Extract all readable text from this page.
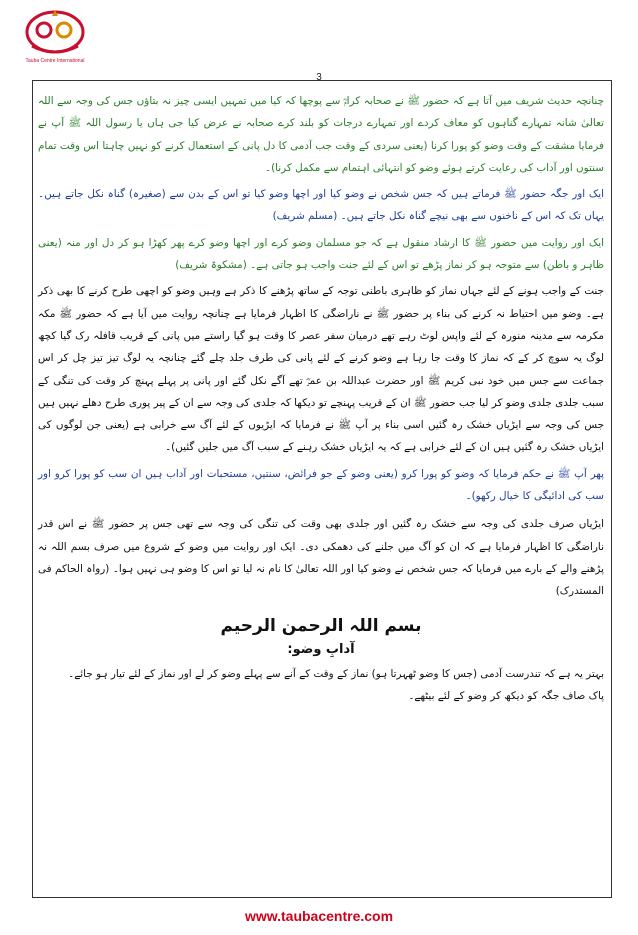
Tauba Centre International
3

چنانچہ حدیث شریف میں آتا ہے کہ حضور ﷺ نے صحابہ کرامؓ سے پوچھا کہ کیا میں تمہیں ایسی چیز نہ بتاؤں جس کی وجہ سے اللہ تعالیٰ شانہ تمہارے گناہوں کو معاف کردے اور تمہارے درجات کو بلند کرے صحابہ نے عرض کیا جی ہاں یا رسول اللہ ﷺ آپ نے فرمایا مشقت کے وقت وضو کو پورا کرنا (یعنی سردی کے وقت جب آدمی کا دل پانی کے استعمال کرنے کو نہیں چاہتا اس وقت تمام سنتوں اور آداب کی رعایت کرتے ہوئے وضو کو انتہائی اہتمام سے مکمل کرنا)۔

ایک اور جگہ حضور ﷺ فرماتے ہیں کہ جس شخص نے وضو کیا اور اچھا وضو کیا تو اس کے بدن سے (صغیرہ) گناہ نکل جاتے ہیں۔ یہاں تک کہ اس کے ناخنوں سے بھی نیچے گناہ نکل جاتے ہیں۔ (مسلم شریف)

ایک اور روایت میں حضور ﷺ کا ارشاد منقول ہے کہ جو مسلمان وضو کرے اور اچھا وضو کرے پھر کھڑا ہو کر دل اور منہ (یعنی ظاہر و باطن) سے متوجہ ہو کر نماز پڑھے تو اس کے لئے جنت واجب ہو جاتی ہے۔ (مشکوۃ شریف)

جنت کے واجب ہونے کے لئے جہاں نماز کو ظاہری باطنی توجہ کے ساتھ پڑھنے کا ذکر ہے وہیں وضو کو اچھی طرح کرنے کا بھی ذکر ہے۔ وضو میں احتیاط نہ کرنے کی بناء پر حضور ﷺ نے ناراضگی کا اظہار فرمایا ہے چنانچہ روایت میں آیا ہے کہ حضور ﷺ مکہ مکرمہ سے مدینہ منورہ کے لئے واپس لوٹ رہے تھے درمیان سفر عصر کا وقت ہو گیا راستے میں پانی کے قریب قافلہ رک گیا کچھ لوگ یہ سوچ کر کے کہ نماز کا وقت جا رہا ہے وضو کرنے کے لئے پانی کی طرف جلد چلے گئے چنانچہ یہ لوگ تیز تیز چل کر اس جماعت سے جس میں خود نبی کریم ﷺ اور حضرت عبداللہ بن عمرؓ تھے آگے نکل گئے اور پانی پر پہلے پہنچ کر وقت کی تنگی کے سبب جلدی جلدی وضو کر لیا جب حضور ﷺ ان کے قریب پہنچے تو دیکھا کہ جلدی کی وجہ سے ان کے پیر پوری طرح دھلے نہیں ہیں جس کی وجہ سے ایڑیاں خشک رہ گئیں اسی بناء پر آپ ﷺ نے فرمایا کہ ایڑیوں کے لئے آگ سے خرابی ہے (یعنی جن لوگوں کی ایڑیاں خشک رہ گئیں ہیں ان کے لئے خرابی ہے کہ یہ ایڑیاں خشک رہنے کے سبب آگ میں جلیں گئیں)۔

پھر آپ ﷺ نے حکم فرمایا کہ وضو کو پورا کرو (یعنی وضو کے جو فرائض، سنتیں، مستحبات اور آداب ہیں ان سب کو پورا کرو اور سب کی ادائیگی کا خیال رکھو)۔

ایڑیاں صرف جلدی کی وجہ سے خشک رہ گئیں اور جلدی بھی وقت کی تنگی کی وجہ سے تھی جس پر حضور ﷺ نے اس قدر ناراضگی کا اظہار فرمایا ہے کہ ان کو آگ میں جلنے کی دھمکی دی۔ ایک اور روایت میں وضو کے شروع میں صرف بسم اللہ نہ پڑھنے والے کے بارے میں فرمایا کہ جس شخص نے وضو کیا اور اللہ تعالیٰ کا نام نہ لیا تو اس کا وضو ہی نہیں ہوا۔ (رواہ الحاکم فی المستدرک)

بسم اللہ الرحمن الرحیم
آدابِ وضو:

بہتر یہ ہے کہ تندرست آدمی (جس کا وضو ٹھہرتا ہو) نماز کے وقت کے آنے سے پہلے وضو کر لے اور نماز کے لئے تیار ہو جائے۔

پاک صاف جگہ کو دیکھ کر وضو کے لئے بیٹھے۔

www.taubacentre.com
